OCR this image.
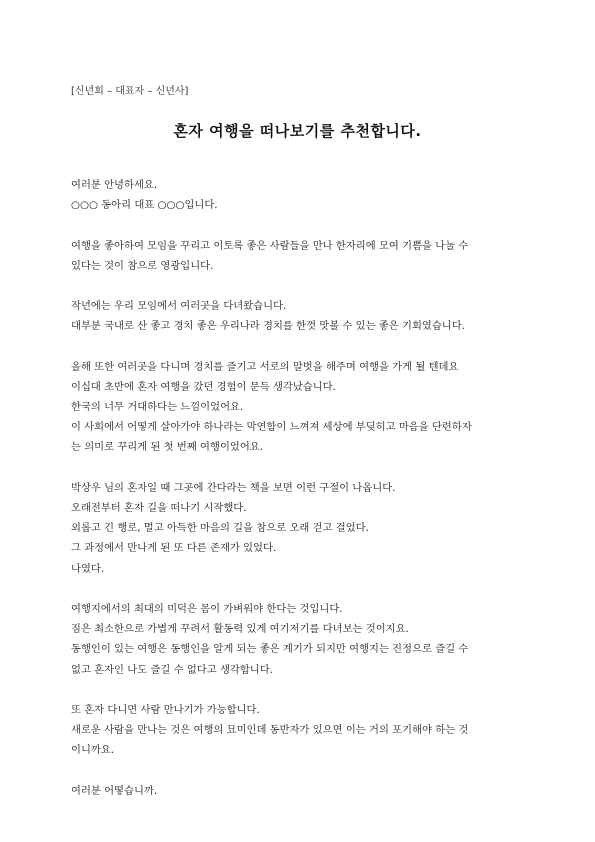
[신년회 – 대표자 – 신년사]
혼자 여행을 떠나보기를 추천합니다.
여러분 안녕하세요.
○○○ 동아리 대표 ○○○입니다.
여행을 좋아하여 모임을 꾸리고 이토록 좋은 사람들을 만나 한자리에 모여 기쁨을 나눌 수
있다는 것이 참으로 영광입니다.
작년에는 우리 모임에서 여러곳을 다녀왔습니다.
대부분 국내로 산 좋고 경치 좋은 우리나라 경치를 한껏 맛볼 수 있는 좋은 기회였습니다.
올해 또한 여러곳을 다니며 경치를 즐기고 서로의 말벗을 해주며 여행을 가게 될 텐데요
이십대 초반에 혼자 여행을 갔던 경험이 문득 생각났습니다.
한국의 너무 거대하다는 느낌이었어요.
이 사회에서 어떻게 살아가야 하나라는 막연함이 느껴져 세상에 부딪히고 마음을 단련하자
는 의미로 꾸리게 된 첫 번째 여행이었어요.
박상우 님의 혼자일 때 그곳에 간다라는 책을 보면 이런 구절이 나옵니다.
오래전부터 혼자 길을 떠나기 시작했다.
외롭고 긴 행로, 멀고 아득한 마음의 길을 참으로 오래 걷고 걸었다.
그 과정에서 만나게 된 또 다른 존재가 있었다.
나였다.
여행지에서의 최대의 미덕은 몸이 가벼워야 한다는 것입니다.
짐은 최소한으로 가볍게 꾸려서 활동력 있게 여기저기를 다녀보는 것이지요.
동행인이 있는 여행은 동행인을 알게 되는 좋은 계기가 되지만 여행지는 진정으로 즐길 수
없고 혼자인 나도 즐길 수 없다고 생각합니다.
또 혼자 다니면 사람 만나기가 가능합니다.
새로운 사람을 만나는 것은 여행의 묘미인데 동반자가 있으면 이는 거의 포기해야 하는 것
이니까요.
여러분 어떻습니까.
